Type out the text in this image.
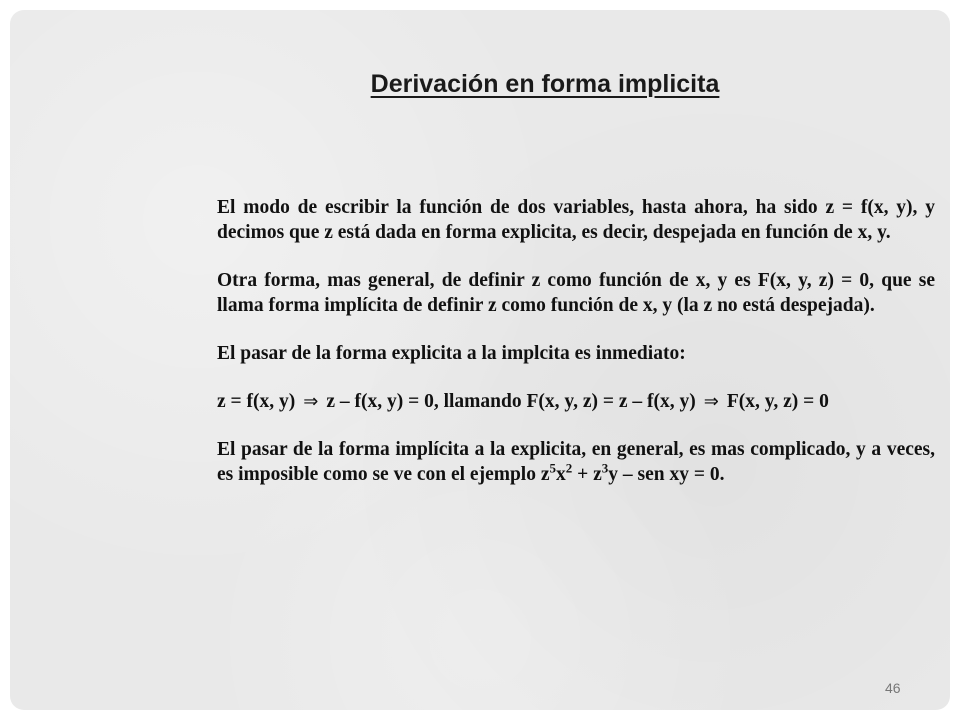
Derivación en forma implicita

El modo de escribir la función de dos variables, hasta ahora, ha sido z = f(x, y), y decimos que z está dada en forma explicita, es decir, despejada en función de x, y.

Otra forma, mas general, de definir z como función de x, y es F(x, y, z) = 0, que se llama forma implícita de definir z como función de x, y (la z no está despejada).

El pasar de la forma explicita a la implcita es inmediato:

z = f(x, y) ⇒ z – f(x, y) = 0, llamando F(x, y, z) = z – f(x, y) ⇒ F(x, y, z) = 0

El pasar de la forma implícita a la explicita, en general, es mas complicado, y a veces, es imposible como se ve con el ejemplo $z^5x^2 + z^3y$ – sen xy = 0.

46
